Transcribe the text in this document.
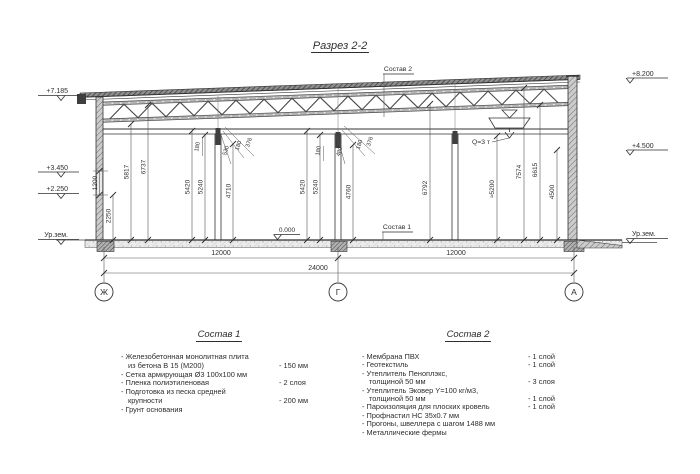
Разрез 2-2
Q=3 т
2250
1200
5817 6737
5420 5240	4710	5420 5240	4760	6792	≈5200
7574 6615
4500
180	530 180 376
180 480
180 376
12000	12000
24000
Ж	Г	А
+7.185
+3.450
+2.250
Ур.зем.
+8.200
+4.500
Ур.зем.
0.000
Состав 2
Состав 1
Состав 1
- Железобетонная монолитная плита
из бетона В 15 (М200)	- 150 мм
- Сетка армирующая Ø3 100х100 мм
- Пленка полиэтиленовая	- 2 слоя
- Подготовка из песка средней
крупности	- 200 мм
- Грунт основания
Состав 2
- Мембрана ПВХ	- 1 слой
- Геотекстиль	- 1 слой
- Утеплитель Пеноплэкс,
толщиной 50 мм	- 3 слоя
- Утеплитель Эковер Y=100 кг/м3,
толщиной 50 мм	- 1 слой
- Пароизоляция для плоских кровель	- 1 слой
- Профнастил НС 35х0.7 мм
- Прогоны, швеллера с шагом 1488 мм
- Металлические фермы
